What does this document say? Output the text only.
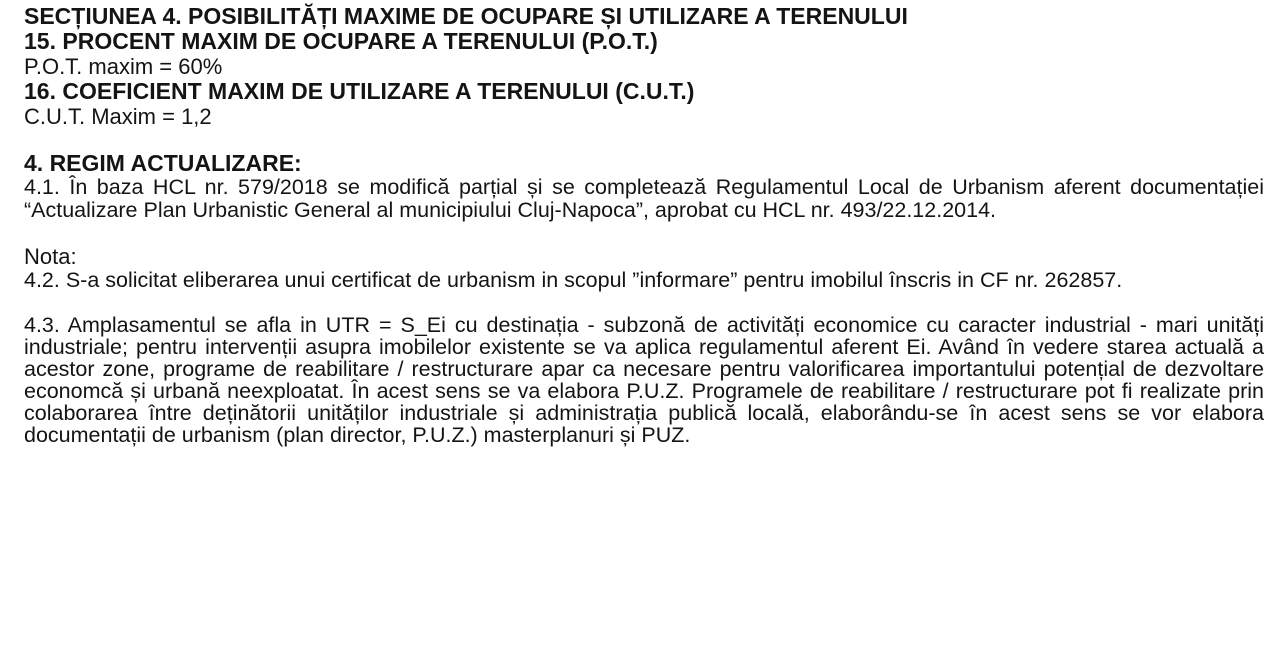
SECȚIUNEA 4. POSIBILITĂȚI MAXIME DE OCUPARE ȘI UTILIZARE A TERENULUI

15. PROCENT MAXIM DE OCUPARE A TERENULUI (P.O.T.)

P.O.T. maxim = 60%

16. COEFICIENT MAXIM DE UTILIZARE A TERENULUI (C.U.T.)

C.U.T. Maxim = 1,2

4. REGIM ACTUALIZARE:

4.1. În baza HCL nr. 579/2018 se modifică parțial și se completează Regulamentul Local de Urbanism aferent documentației “Actualizare Plan Urbanistic General al municipiului Cluj-Napoca”, aprobat cu HCL nr. 493/22.12.2014.

Nota:

4.2. S-a solicitat eliberarea unui certificat de urbanism in scopul ”informare” pentru imobilul înscris in CF nr. 262857.

4.3. Amplasamentul se afla in UTR = S_Ei cu destinația - subzonă de activități economice cu caracter industrial - mari unități industriale; pentru intervenții asupra imobilelor existente se va aplica regulamentul aferent Ei. Având în vedere starea actuală a acestor zone, programe de reabilitare / restructurare apar ca necesare pentru valorificarea importantului potențial de dezvoltare economcă și urbană neexploatat. În acest sens se va elabora P.U.Z. Programele de reabilitare / restructurare pot fi realizate prin colaborarea între deținătorii unităților industriale și administrația publică locală, elaborându-se în acest sens se vor elabora documentații de urbanism (plan director, P.U.Z.) masterplanuri și PUZ.
